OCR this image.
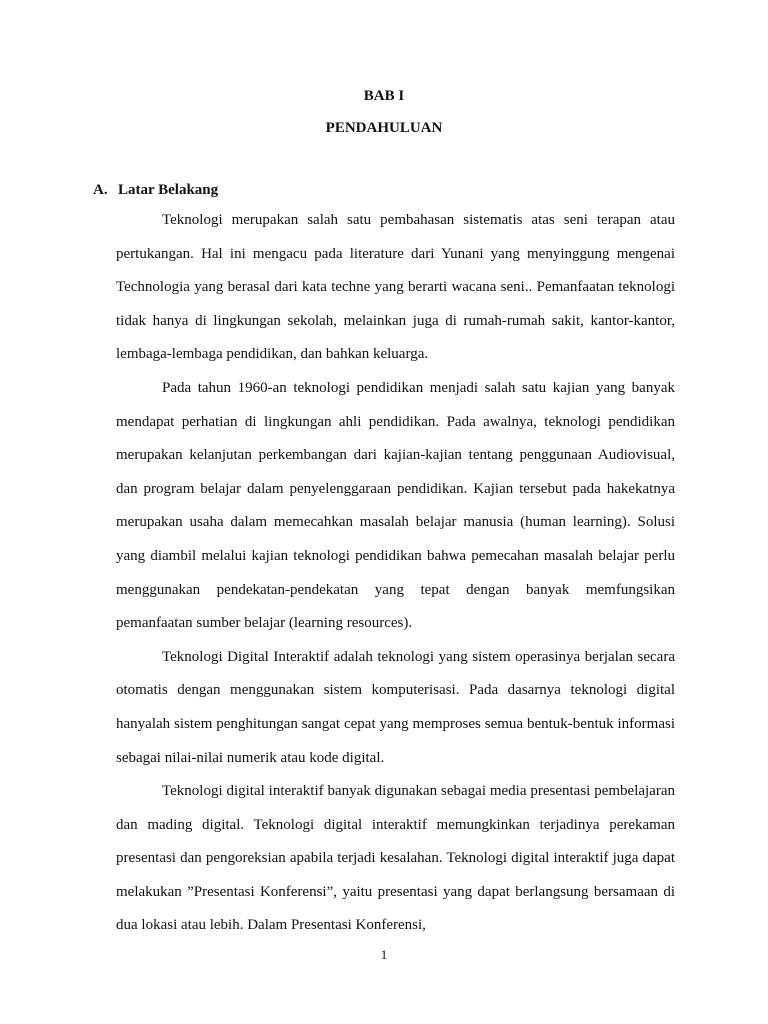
BAB I
PENDAHULUAN
A. Latar Belakang

Teknologi merupakan salah satu pembahasan sistematis atas seni terapan atau pertukangan. Hal ini mengacu pada literature dari Yunani yang menyinggung mengenai Technologia yang berasal dari kata techne yang berarti wacana seni.. Pemanfaatan teknologi tidak hanya di lingkungan sekolah, melainkan juga di rumah-rumah sakit, kantor-kantor, lembaga-lembaga pendidikan, dan bahkan keluarga.

Pada tahun 1960-an teknologi pendidikan menjadi salah satu kajian yang banyak mendapat perhatian di lingkungan ahli pendidikan. Pada awalnya, teknologi pendidikan merupakan kelanjutan perkembangan dari kajian-kajian tentang penggunaan Audiovisual, dan program belajar dalam penyelenggaraan pendidikan. Kajian tersebut pada hakekatnya merupakan usaha dalam memecahkan masalah belajar manusia (human learning). Solusi yang diambil melalui kajian teknologi pendidikan bahwa pemecahan masalah belajar perlu menggunakan pendekatan-pendekatan yang tepat dengan banyak memfungsikan pemanfaatan sumber belajar (learning resources).

Teknologi Digital Interaktif adalah teknologi yang sistem operasinya berjalan secara otomatis dengan menggunakan sistem komputerisasi. Pada dasarnya teknologi digital hanyalah sistem penghitungan sangat cepat yang memproses semua bentuk-bentuk informasi sebagai nilai-nilai numerik atau kode digital.

Teknologi digital interaktif banyak digunakan sebagai media presentasi pembelajaran dan mading digital. Teknologi digital interaktif memungkinkan terjadinya perekaman presentasi dan pengoreksian apabila terjadi kesalahan. Teknologi digital interaktif juga dapat melakukan ”Presentasi Konferensi”, yaitu presentasi yang dapat berlangsung bersamaan di dua lokasi atau lebih. Dalam Presentasi Konferensi,

1
